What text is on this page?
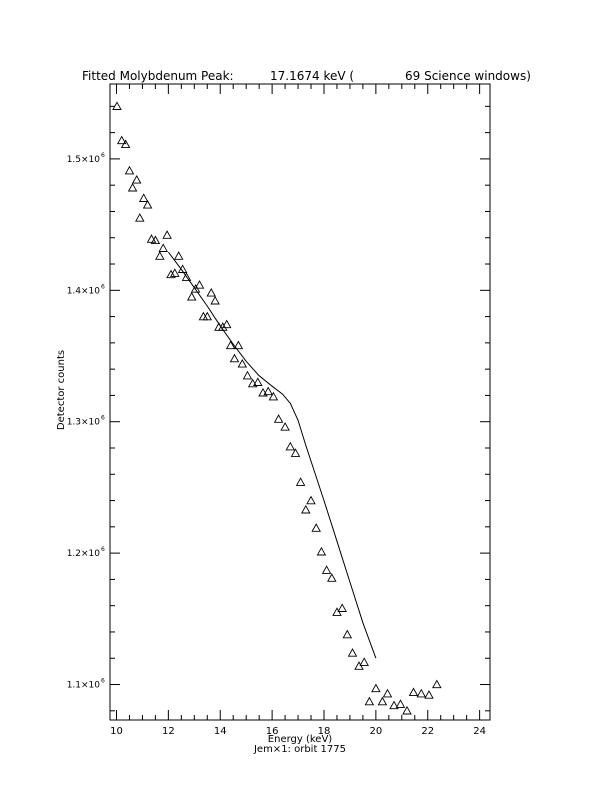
Fitted Molybdenum Peak:	17.1674 keV (	69 Science windows)
10	12	14	16	18	20	22	24
1.1×10 6
1.2×10 6
1.3×10 6
1.4×10 6
1.5×10 6
Energy (keV)
Jem×1: orbit 1775
Detector counts
